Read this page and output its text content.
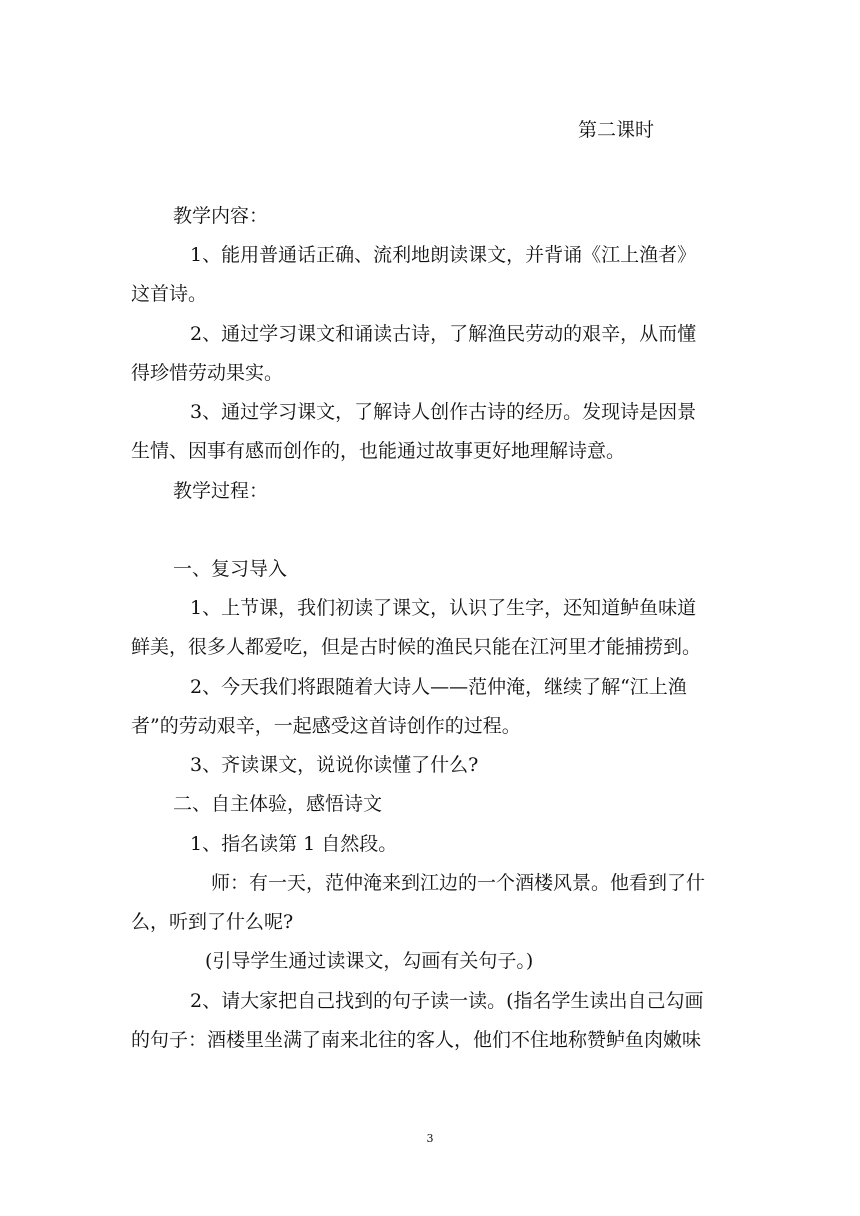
第二课时
教学内容：
1、能用普通话正确、流利地朗读课文，并背诵《江上渔者》
这首诗。
2、通过学习课文和诵读古诗，了解渔民劳动的艰辛，从而懂
得珍惜劳动果实。
3、通过学习课文，了解诗人创作古诗的经历。发现诗是因景
生情、因事有感而创作的，也能通过故事更好地理解诗意。
教学过程：
一、复习导入
1、上节课，我们初读了课文，认识了生字，还知道鲈鱼味道
鲜美，很多人都爱吃，但是古时候的渔民只能在江河里才能捕捞到。
2、今天我们将跟随着大诗人——范仲淹，继续了解“江上渔
者”的劳动艰辛，一起感受这首诗创作的过程。
3、齐读课文，说说你读懂了什么?
二、自主体验，感悟诗文
1、指名读第 1 自然段。
师：有一天，范仲淹来到江边的一个酒楼风景。他看到了什
么，听到了什么呢?
(引导学生通过读课文，勾画有关句子。)
2、请大家把自己找到的句子读一读。(指名学生读出自己勾画
的句子：酒楼里坐满了南来北往的客人，他们不住地称赞鲈鱼肉嫩味
3
